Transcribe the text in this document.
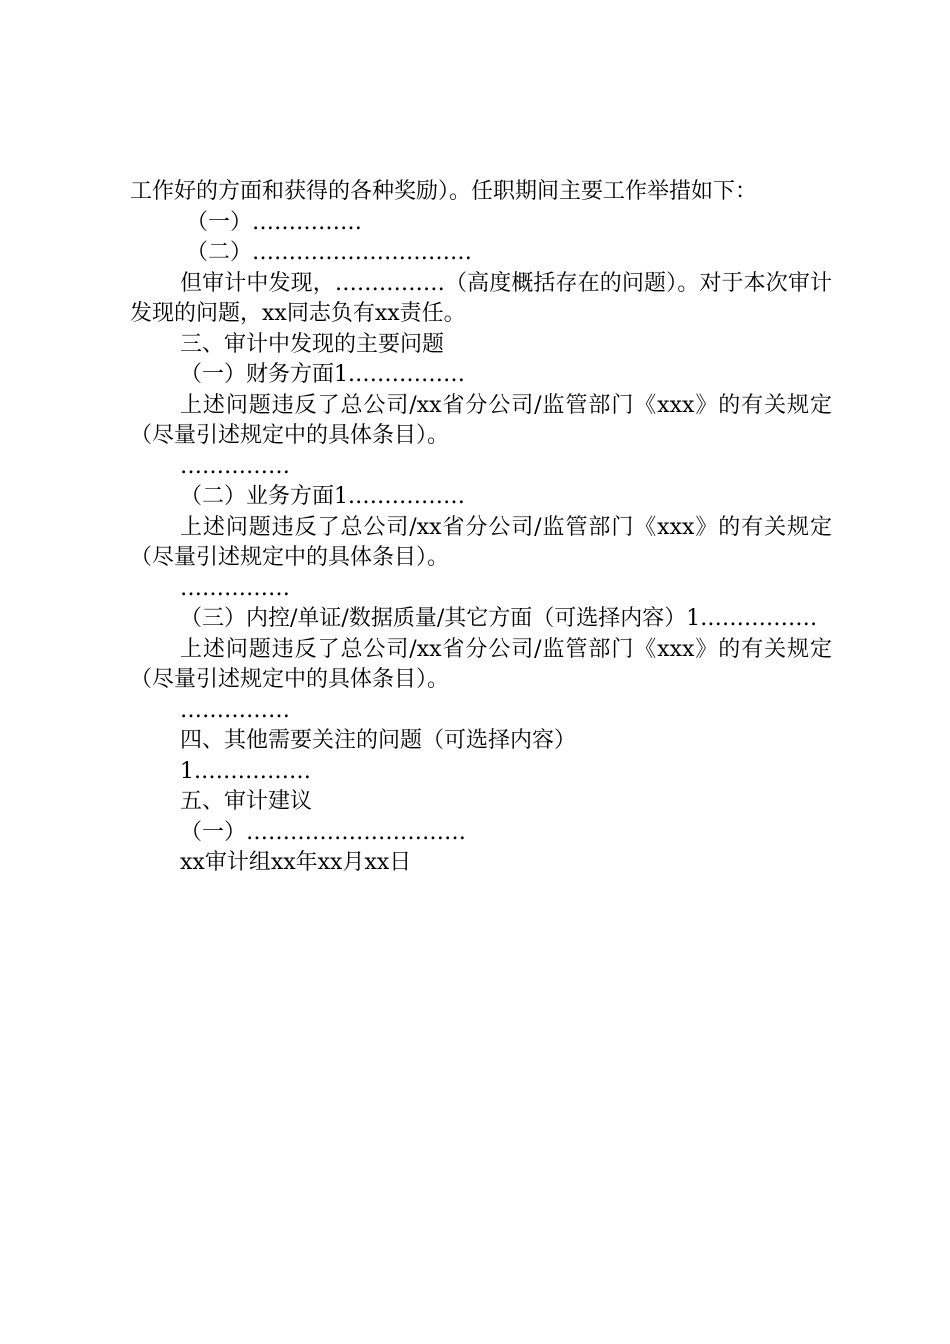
工作好的方面和获得的各种奖励）。任职期间主要工作举措如下：

（一）……………

（二）…………………………

但审计中发现，……………（高度概括存在的问题）。对于本次审计发现的问题，xx同志负有xx责任。

三、审计中发现的主要问题

（一）财务方面1.……………

上述问题违反了总公司/xx省分公司/监管部门《xxx》的有关规定（尽量引述规定中的具体条目）。

……………

（二）业务方面1.……………

上述问题违反了总公司/xx省分公司/监管部门《xxx》的有关规定（尽量引述规定中的具体条目）。

……………

（三）内控/单证/数据质量/其它方面（可选择内容）1.……………

上述问题违反了总公司/xx省分公司/监管部门《xxx》的有关规定（尽量引述规定中的具体条目）。

……………

四、其他需要关注的问题（可选择内容）

1.……………

五、审计建议

（一）…………………………

xx审计组xx年xx月xx日
